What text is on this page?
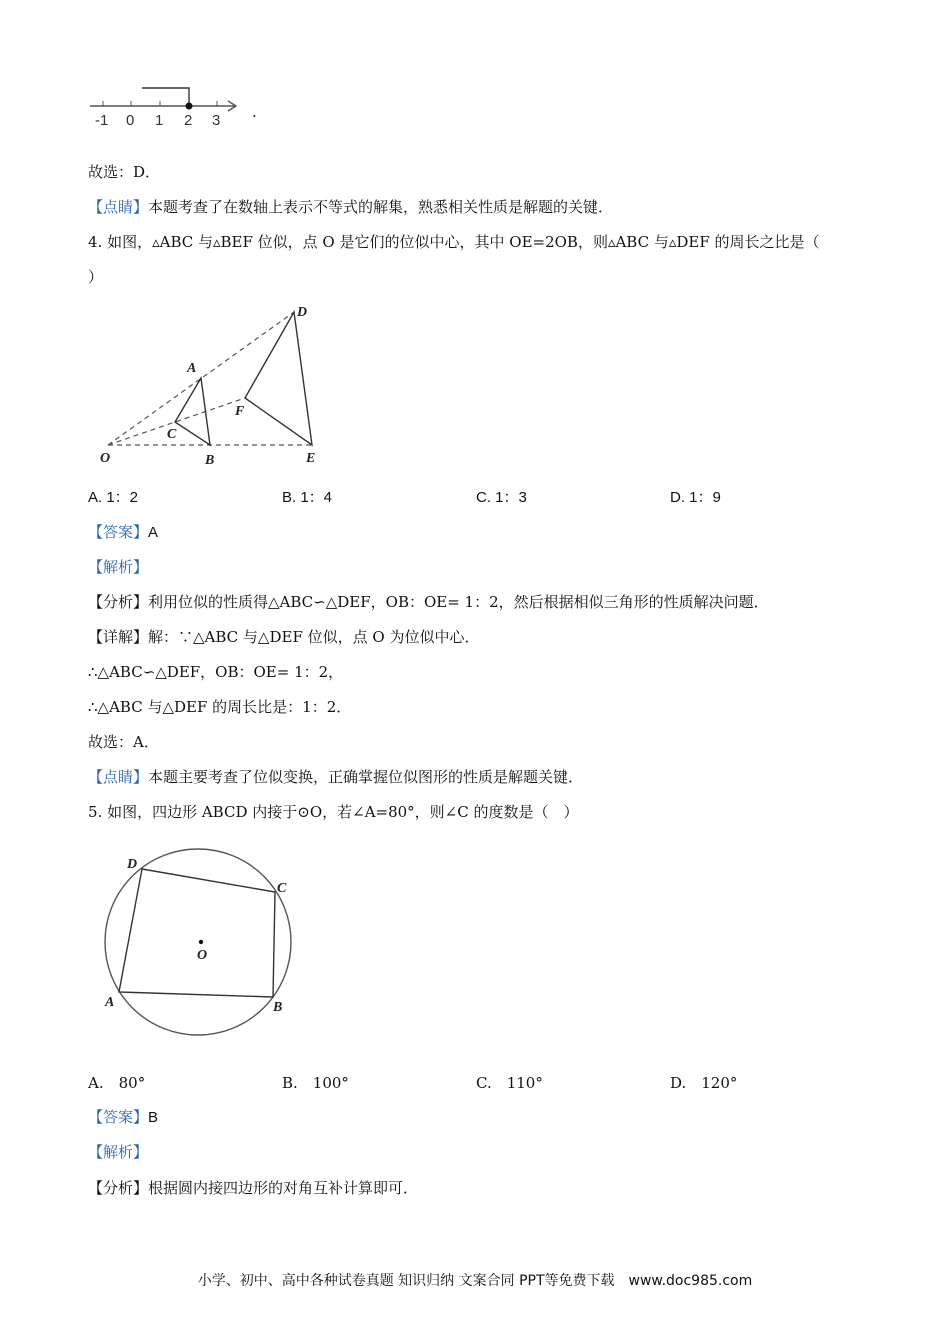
-1 0 1 2 3 .
故选：D．
【点睛】本题考查了在数轴上表示不等式的解集，熟悉相关性质是解题的关键．
4. 如图，▵ABC 与▵BEF 位似，点 O 是它们的位似中心，其中 OE=2OB，则▵ABC 与▵DEF 的周长之比是（
）
D
A
F
C
O	B	E
A. 1：2	B. 1：4	C. 1：3	D. 1：9
【答案】A
【解析】
【分析】利用位似的性质得△ABC∽△DEF，OB：OE= 1：2，然后根据相似三角形的性质解决问题．
【详解】解：∵△ABC 与△DEF 位似，点 O 为位似中心．
∴△ABC∽△DEF，OB：OE= 1：2，
∴△ABC 与△DEF 的周长比是：1：2．
故选：A．
【点睛】本题主要考查了位似变换，正确掌握位似图形的性质是解题关键．
5. 如图，四边形 ABCD 内接于⊙O，若∠A=80°，则∠C 的度数是（　）
D
C
O
A	B
A.　80°	B.　100°	C.　110°	D.　120°
【答案】B
【解析】
【分析】根据圆内接四边形的对角互补计算即可．
小学、初中、高中各种试卷真题 知识归纳 文案合同 PPT等免费下载　www.doc985.com
